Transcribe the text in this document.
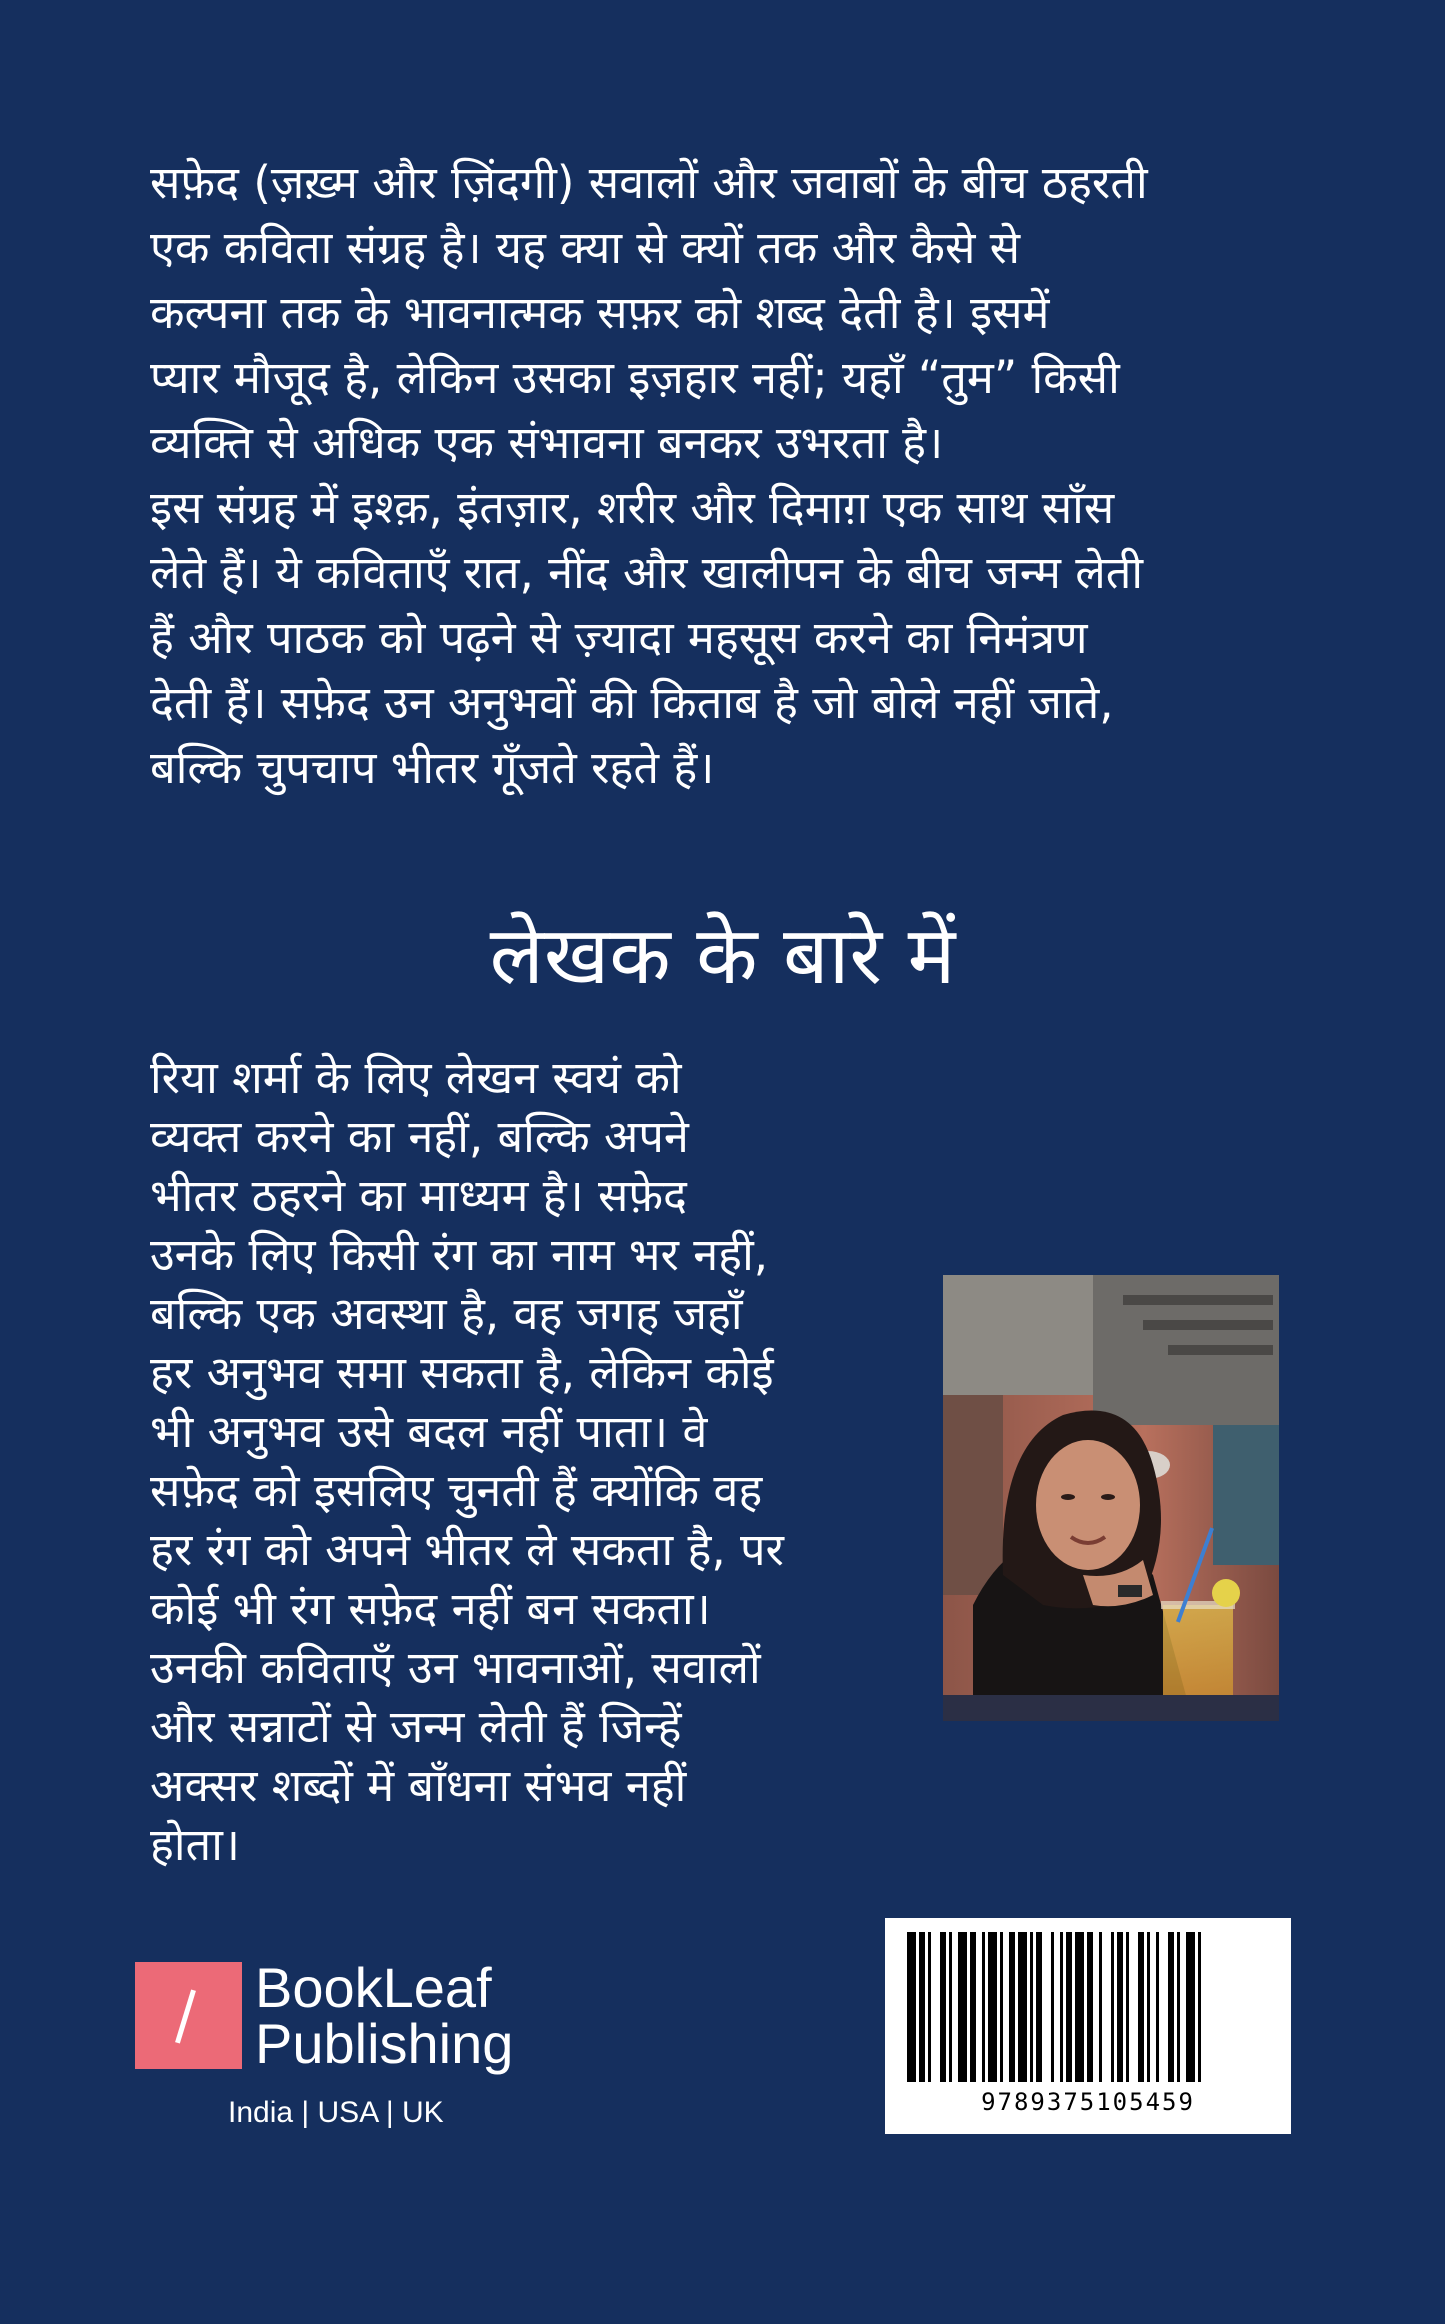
सफ़ेद (ज़ख़्म और ज़िंदगी) सवालों और जवाबों के बीच ठहरती
एक कविता संग्रह है। यह क्या से क्यों तक और कैसे से
कल्पना तक के भावनात्मक सफ़र को शब्द देती है। इसमें
प्यार मौजूद है, लेकिन उसका इज़हार नहीं; यहाँ “तुम” किसी
व्यक्ति से अधिक एक संभावना बनकर उभरता है।
इस संग्रह में इश्क़, इंतज़ार, शरीर और दिमाग़ एक साथ साँस
लेते हैं। ये कविताएँ रात, नींद और खालीपन के बीच जन्म लेती
हैं और पाठक को पढ़ने से ज़्यादा महसूस करने का निमंत्रण
देती हैं। सफ़ेद उन अनुभवों की किताब है जो बोले नहीं जाते,
बल्कि चुपचाप भीतर गूँजते रहते हैं।
लेखक के बारे में
रिया शर्मा के लिए लेखन स्वयं को
व्यक्त करने का नहीं, बल्कि अपने
भीतर ठहरने का माध्यम है। सफ़ेद
उनके लिए किसी रंग का नाम भर नहीं,
बल्कि एक अवस्था है, वह जगह जहाँ
हर अनुभव समा सकता है, लेकिन कोई
भी अनुभव उसे बदल नहीं पाता। वे
सफ़ेद को इसलिए चुनती हैं क्योंकि वह
हर रंग को अपने भीतर ले सकता है, पर
कोई भी रंग सफ़ेद नहीं बन सकता।
उनकी कविताएँ उन भावनाओं, सवालों
और सन्नाटों से जन्म लेती हैं जिन्हें
अक्सर शब्दों में बाँधना संभव नहीं
होता।
BookLeaf
Publishing
India | USA | UK	9789375105459
